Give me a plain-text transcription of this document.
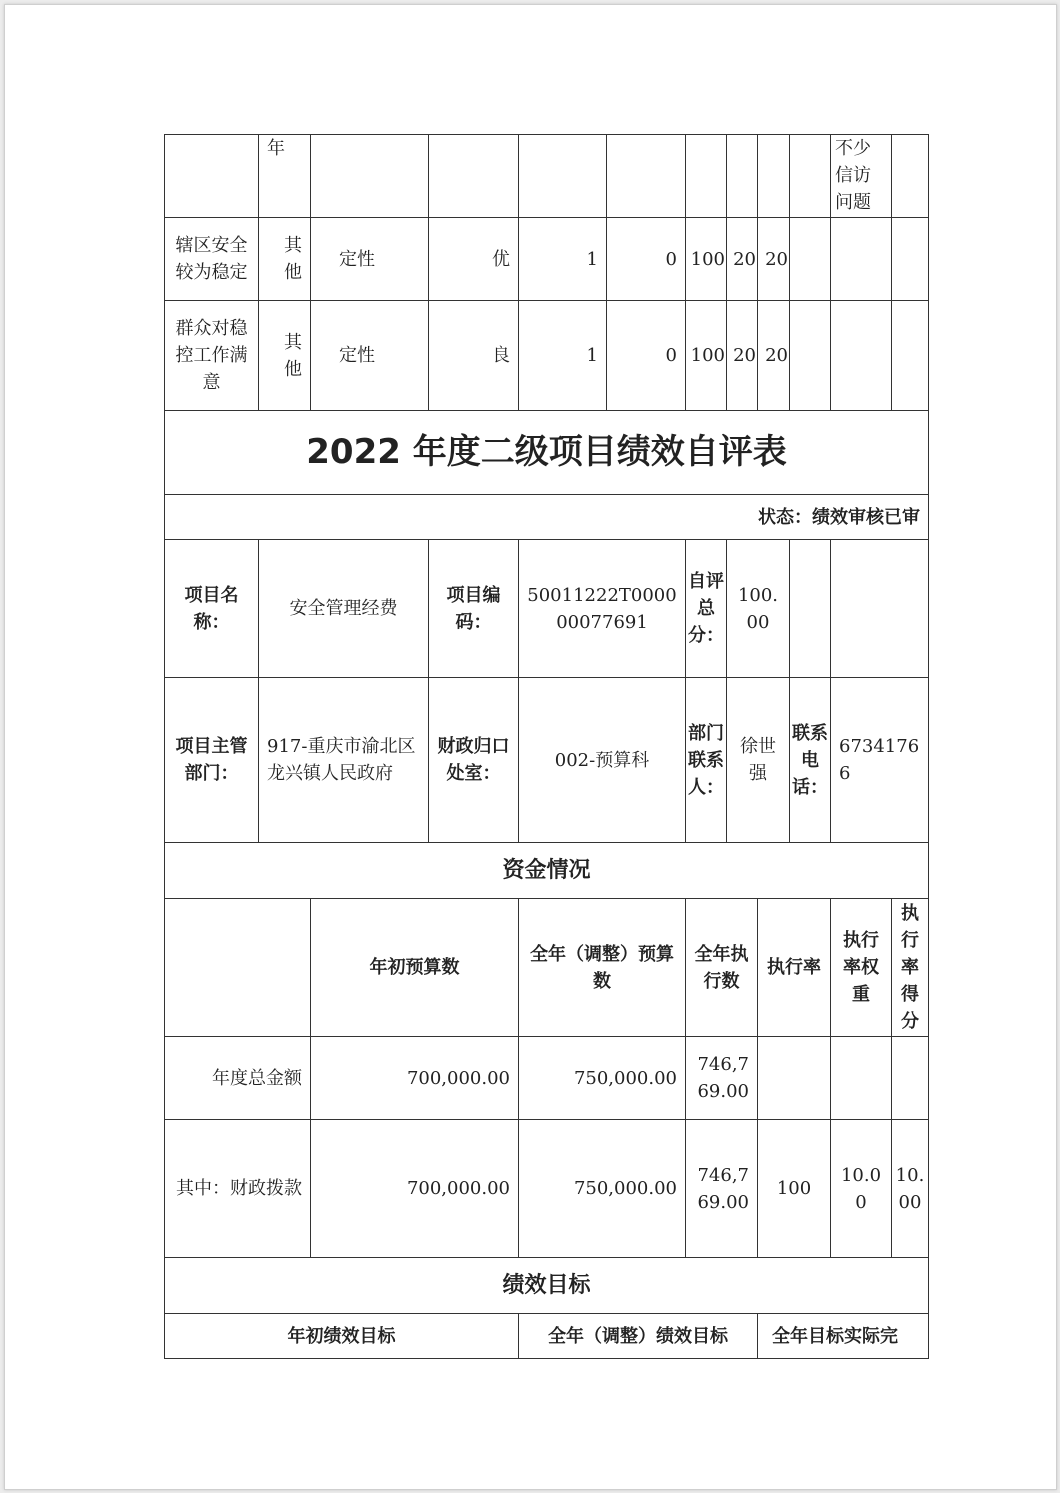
	年									不少信访问题	
辖区安全较为稳定	其他	定性	优	1	0	100	20	20			
群众对稳控工作满意	其他	定性	良	1	0	100	20	20			
2022 年度二级项目绩效自评表											
状态：绩效审核已审											
项目名称：	安全管理经费		项目编码：	50011222T000000077691		自评总分：	100.00				
项目主管部门：	917-重庆市渝北区龙兴镇人民政府		财政归口处室：	002-预算科		部门联系人：	徐世强		联系电话：	67341766	
资金情况											
		年初预算数		全年（调整）预算数		全年执行数		执行率		执行率权重	执行率得分
年度总金额		700,000.00		750,000.00		746,769.00					
其中：财政拨款		700,000.00		750,000.00		746,769.00		100		10.00	10.00
绩效目标											
年初绩效目标				全年（调整）绩效目标				全年目标实际完			
